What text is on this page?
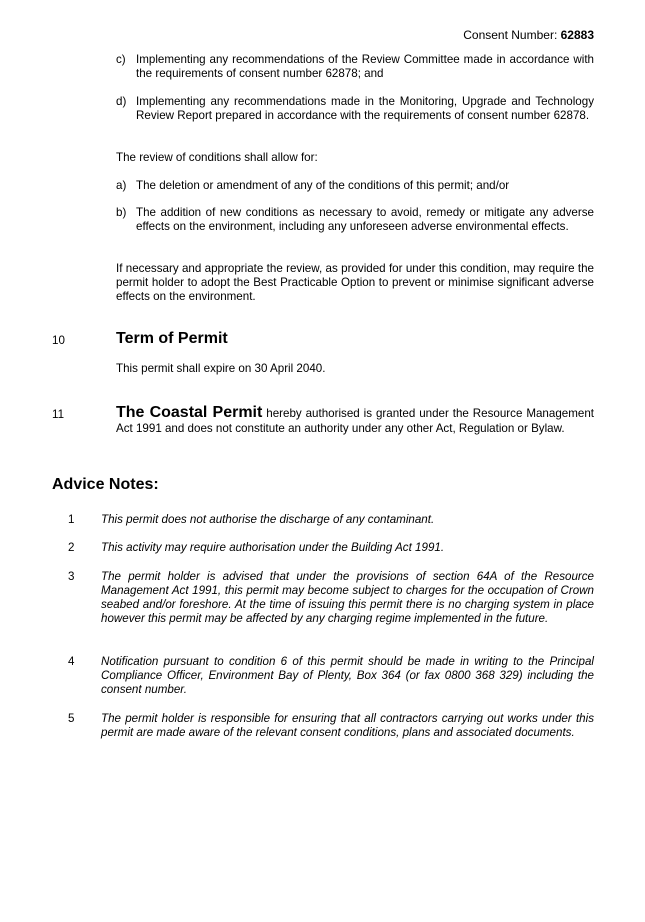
Consent Number: 62883
c) Implementing any recommendations of the Review Committee made in accordance with the requirements of consent number 62878; and
d) Implementing any recommendations made in the Monitoring, Upgrade and Technology Review Report prepared in accordance with the requirements of consent number 62878.
The review of conditions shall allow for:
a) The deletion or amendment of any of the conditions of this permit; and/or
b) The addition of new conditions as necessary to avoid, remedy or mitigate any adverse effects on the environment, including any unforeseen adverse environmental effects.
If necessary and appropriate the review, as provided for under this condition, may require the permit holder to adopt the Best Practicable Option to prevent or minimise significant adverse effects on the environment.
10	Term of Permit
This permit shall expire on 30 April 2040.
11	The Coastal Permit hereby authorised is granted under the Resource Management Act 1991 and does not constitute an authority under any other Act, Regulation or Bylaw.
Advice Notes:
1 This permit does not authorise the discharge of any contaminant.
2 This activity may require authorisation under the Building Act 1991.
3 The permit holder is advised that under the provisions of section 64A of the Resource Management Act 1991, this permit may become subject to charges for the occupation of Crown seabed and/or foreshore. At the time of issuing this permit there is no charging system in place however this permit may be affected by any charging regime implemented in the future.
4 Notification pursuant to condition 6 of this permit should be made in writing to the Principal Compliance Officer, Environment Bay of Plenty, Box 364 (or fax 0800 368 329) including the consent number.
5 The permit holder is responsible for ensuring that all contractors carrying out works under this permit are made aware of the relevant consent conditions, plans and associated documents.
